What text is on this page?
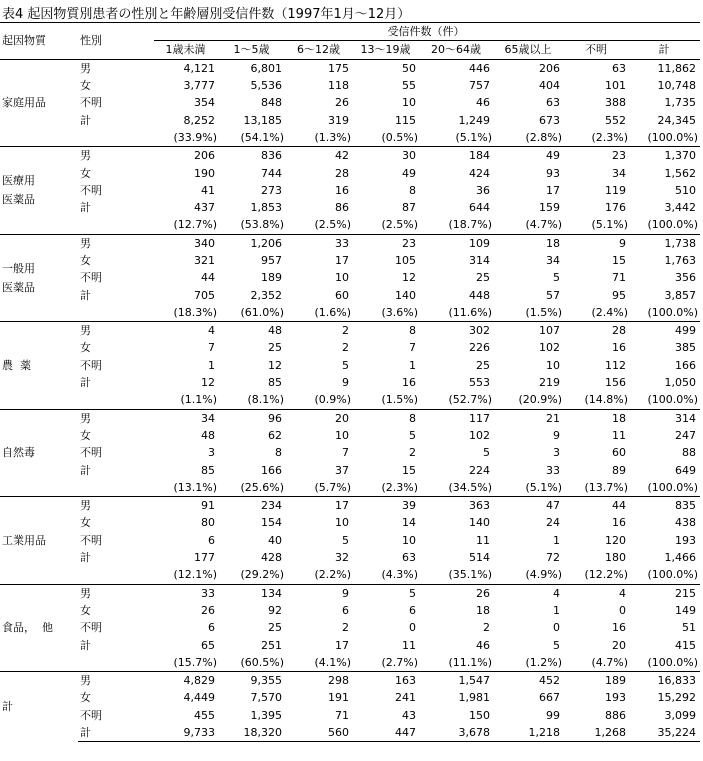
表4 起因物質別患者の性別と年齢層別受信件数（1997年1月～12月）
起因物質	性別	受信件数（件）							
		1歳未満	1～5歳	6～12歳	13～19歳	20～64歳	65歳以上	不明	計
家庭用品	男	4,121	6,801	175	50	446	206	63	11,862
	女	3,777	5,536	118	55	757	404	101	10,748
	不明	354	848	26	10	46	63	388	1,735
	計	8,252	13,185	319	115	1,249	673	552	24,345
		(33.9%)	(54.1%)	(1.3%)	(0.5%)	(5.1%)	(2.8%)	(2.3%)	(100.0%)
医療用
医薬品	男	206	836	42	30	184	49	23	1,370
	女	190	744	28	49	424	93	34	1,562
	不明	41	273	16	8	36	17	119	510
	計	437	1,853	86	87	644	159	176	3,442
		(12.7%)	(53.8%)	(2.5%)	(2.5%)	(18.7%)	(4.7%)	(5.1%)	(100.0%)
一般用
医薬品	男	340	1,206	33	23	109	18	9	1,738
	女	321	957	17	105	314	34	15	1,763
	不明	44	189	10	12	25	5	71	356
	計	705	2,352	60	140	448	57	95	3,857
		(18.3%)	(61.0%)	(1.6%)	(3.6%)	(11.6%)	(1.5%)	(2.4%)	(100.0%)
農  薬	男	4	48	2	8	302	107	28	499
	女	7	25	2	7	226	102	16	385
	不明	1	12	5	1	25	10	112	166
	計	12	85	9	16	553	219	156	1,050
		(1.1%)	(8.1%)	(0.9%)	(1.5%)	(52.7%)	(20.9%)	(14.8%)	(100.0%)
自然毒	男	34	96	20	8	117	21	18	314
	女	48	62	10	5	102	9	11	247
	不明	3	8	7	2	5	3	60	88
	計	85	166	37	15	224	33	89	649
		(13.1%)	(25.6%)	(5.7%)	(2.3%)	(34.5%)	(5.1%)	(13.7%)	(100.0%)
工業用品	男	91	234	17	39	363	47	44	835
	女	80	154	10	14	140	24	16	438
	不明	6	40	5	10	11	1	120	193
	計	177	428	32	63	514	72	180	1,466
		(12.1%)	(29.2%)	(2.2%)	(4.3%)	(35.1%)	(4.9%)	(12.2%)	(100.0%)
食品，  他	男	33	134	9	5	26	4	4	215
	女	26	92	6	6	18	1	0	149
	不明	6	25	2	0	2	0	16	51
	計	65	251	17	11	46	5	20	415
		(15.7%)	(60.5%)	(4.1%)	(2.7%)	(11.1%)	(1.2%)	(4.7%)	(100.0%)
計	男	4,829	9,355	298	163	1,547	452	189	16,833
	女	4,449	7,570	191	241	1,981	667	193	15,292
	不明	455	1,395	71	43	150	99	886	3,099
	計	9,733	18,320	560	447	3,678	1,218	1,268	35,224
